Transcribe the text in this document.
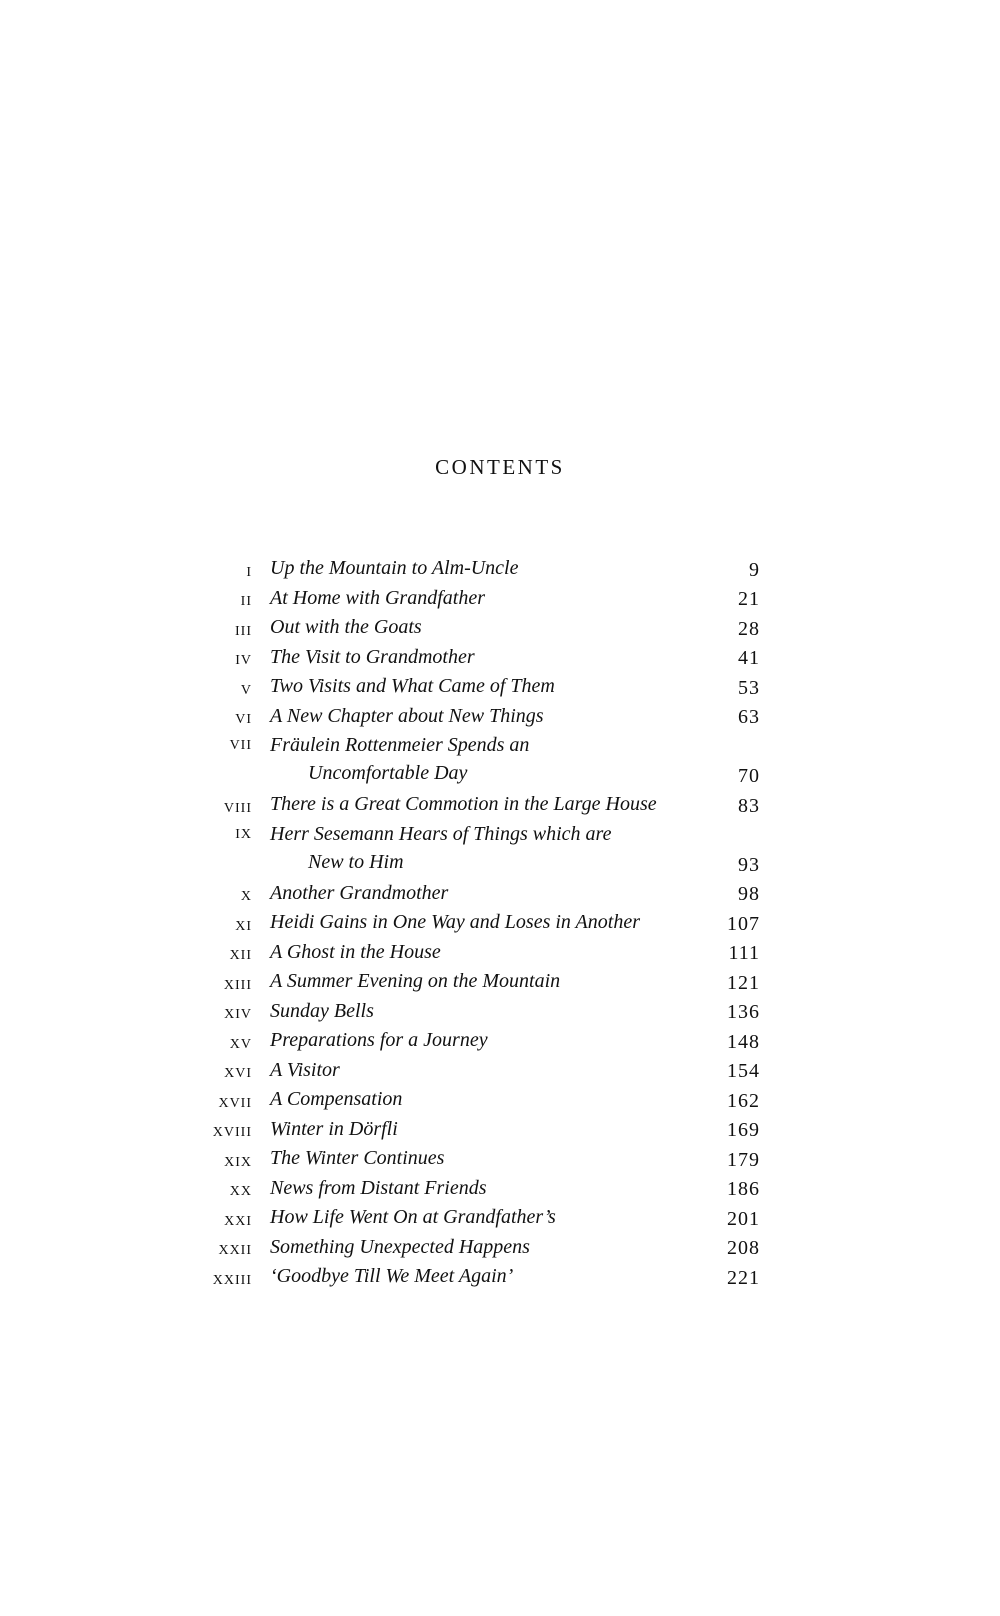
CONTENTS
I Up the Mountain to Alm-Uncle	9
II At Home with Grandfather	21
III Out with the Goats	28
IV The Visit to Grandmother	41
V Two Visits and What Came of Them	53
VI A New Chapter about New Things	63
VII Fräulein Rottenmeier Spends an
Uncomfortable Day	70
VIII There is a Great Commotion in the Large House	83
IX Herr Sesemann Hears of Things which are
New to Him	93
X Another Grandmother	98
XI Heidi Gains in One Way and Loses in Another	107
XII A Ghost in the House	111
XIII A Summer Evening on the Mountain	121
XIV Sunday Bells	136
XV Preparations for a Journey	148
XVI A Visitor	154
XVII A Compensation	162
XVIII Winter in Dörfli	169
XIX The Winter Continues	179
XX News from Distant Friends	186
XXI How Life Went On at Grandfather’s	201
XXII Something Unexpected Happens	208
XXIII ‘Goodbye Till We Meet Again’	221
